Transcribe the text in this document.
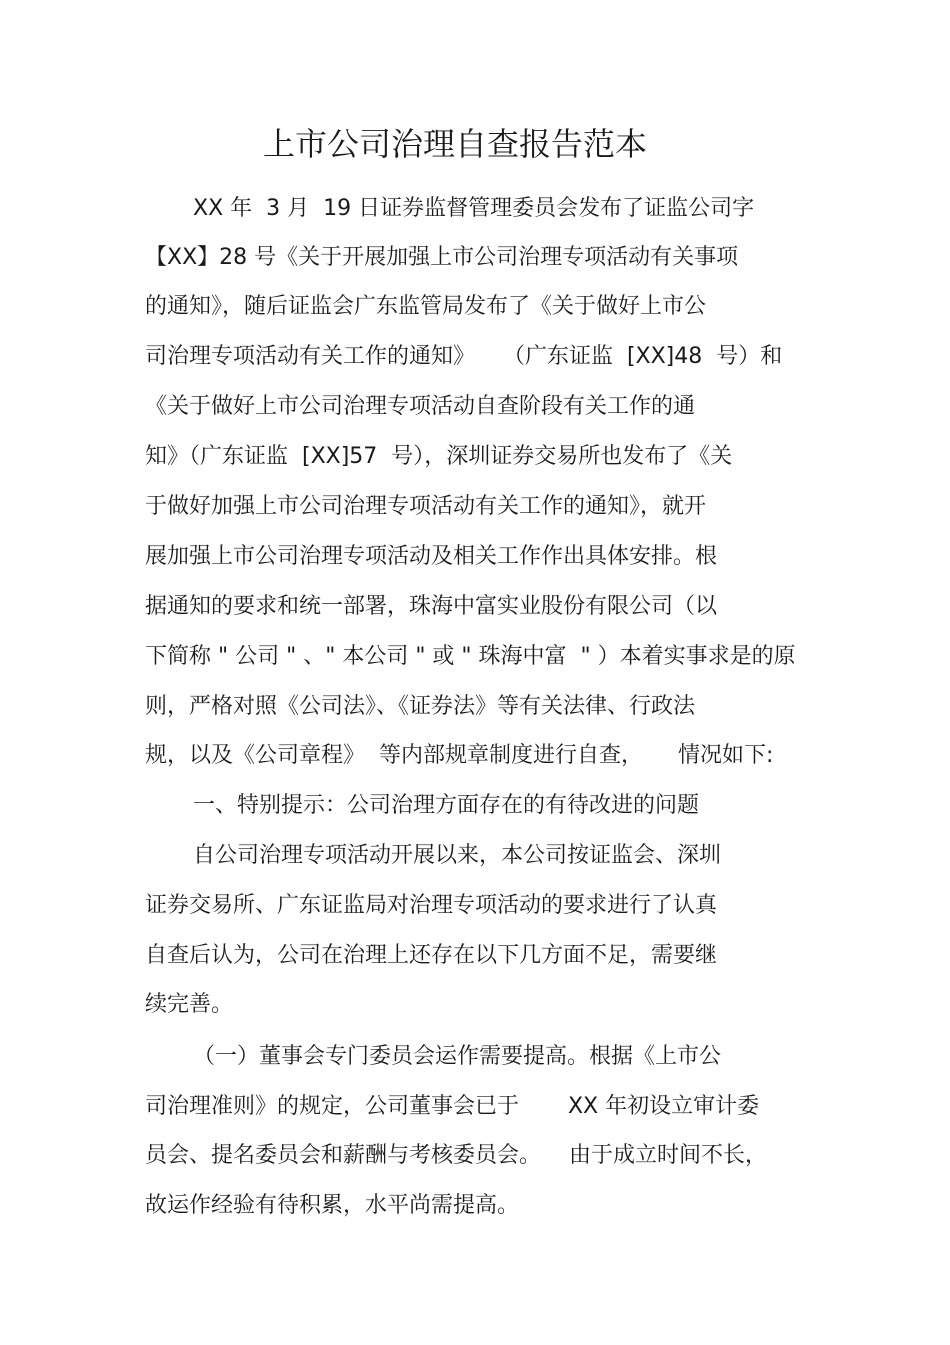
上市公司治理自查报告范本
XX 年  3 月  19 日证券监督管理委员会发布了证监公司字
【XX】28 号《关于开展加强上市公司治理专项活动有关事项
的通知》，随后证监会广东监管局发布了《关于做好上市公
司治理专项活动有关工作的通知》    （广东证监  [XX]48  号）和
《关于做好上市公司治理专项活动自查阶段有关工作的通
知》（广东证监  [XX]57  号），深圳证券交易所也发布了《关
于做好加强上市公司治理专项活动有关工作的通知》，就开
展加强上市公司治理专项活动及相关工作作出具体安排。根
据通知的要求和统一部署，珠海中富实业股份有限公司（以
下简称 " 公司 " 、" 本公司 " 或 " 珠海中富  " ）本着实事求是的原
则，严格对照《公司法》、《证券法》等有关法律、行政法
规，以及《公司章程》  等内部规章制度进行自查，     情况如下:
一、特别提示：公司治理方面存在的有待改进的问题
自公司治理专项活动开展以来，本公司按证监会、深圳
证券交易所、广东证监局对治理专项活动的要求进行了认真
自查后认为，公司在治理上还存在以下几方面不足，需要继
续完善。
（一）董事会专门委员会运作需要提高。根据《上市公
司治理准则》的规定，公司董事会已于       XX 年初设立审计委
员会、提名委员会和薪酬与考核委员会。    由于成立时间不长，
故运作经验有待积累，水平尚需提高。
